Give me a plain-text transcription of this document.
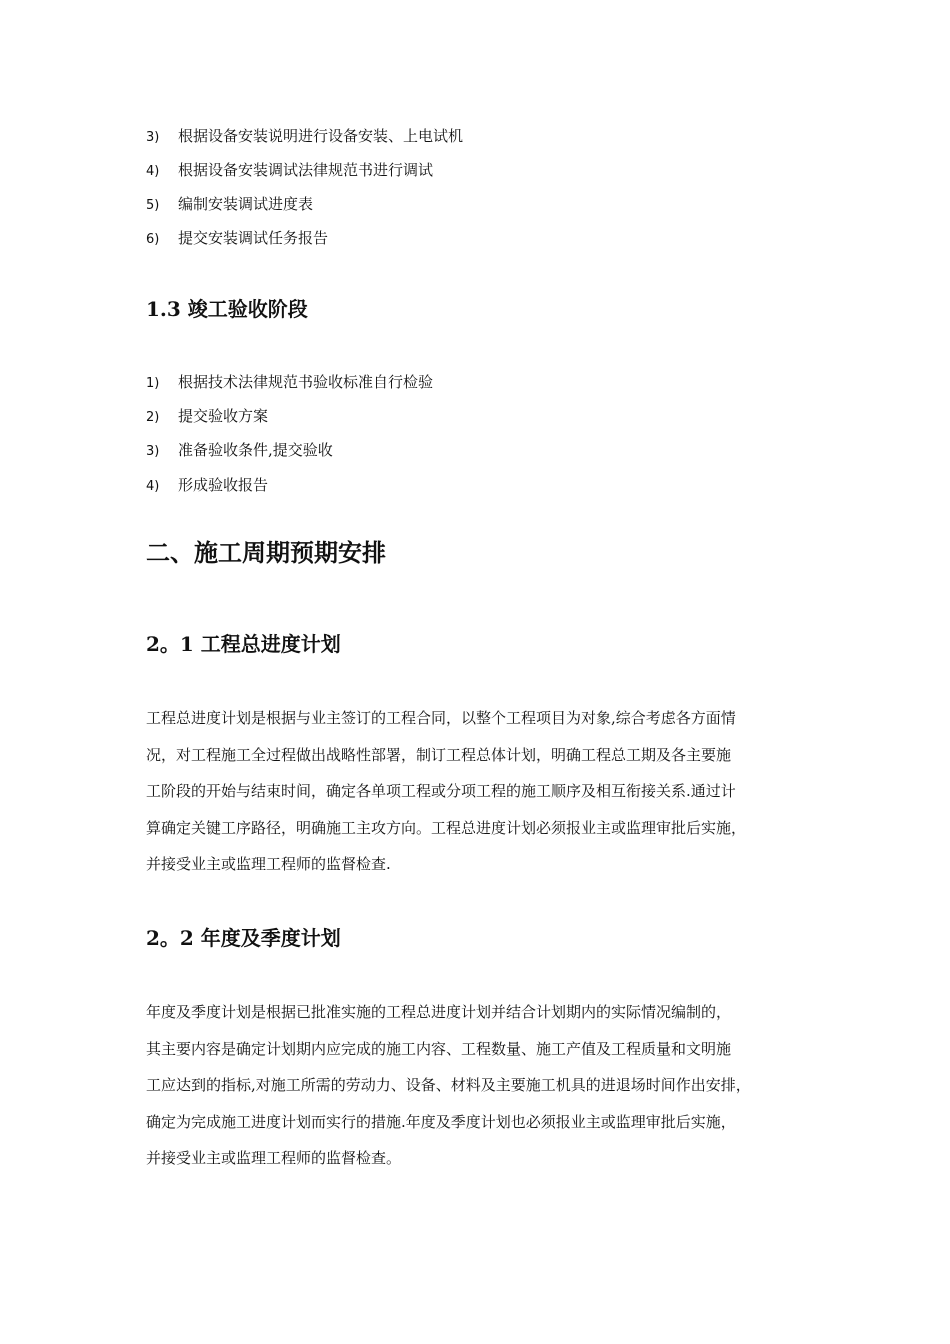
3) 根据设备安装说明进行设备安装、上电试机
4) 根据设备安装调试法律规范书进行调试
5) 编制安装调试进度表
6) 提交安装调试任务报告
1.3 竣工验收阶段
1) 根据技术法律规范书验收标准自行检验
2) 提交验收方案
3) 准备验收条件,提交验收
4) 形成验收报告
二、施工周期预期安排
2。1 工程总进度计划
工程总进度计划是根据与业主签订的工程合同，以整个工程项目为对象,综合考虑各方面情
况，对工程施工全过程做出战略性部署，制订工程总体计划，明确工程总工期及各主要施
工阶段的开始与结束时间，确定各单项工程或分项工程的施工顺序及相互衔接关系.通过计
算确定关键工序路径，明确施工主攻方向。工程总进度计划必须报业主或监理审批后实施，
并接受业主或监理工程师的监督检查.
2。2 年度及季度计划
年度及季度计划是根据已批准实施的工程总进度计划并结合计划期内的实际情况编制的，
其主要内容是确定计划期内应完成的施工内容、工程数量、施工产值及工程质量和文明施
工应达到的指标,对施工所需的劳动力、设备、材料及主要施工机具的进退场时间作出安排，
确定为完成施工进度计划而实行的措施.年度及季度计划也必须报业主或监理审批后实施，
并接受业主或监理工程师的监督检查。
